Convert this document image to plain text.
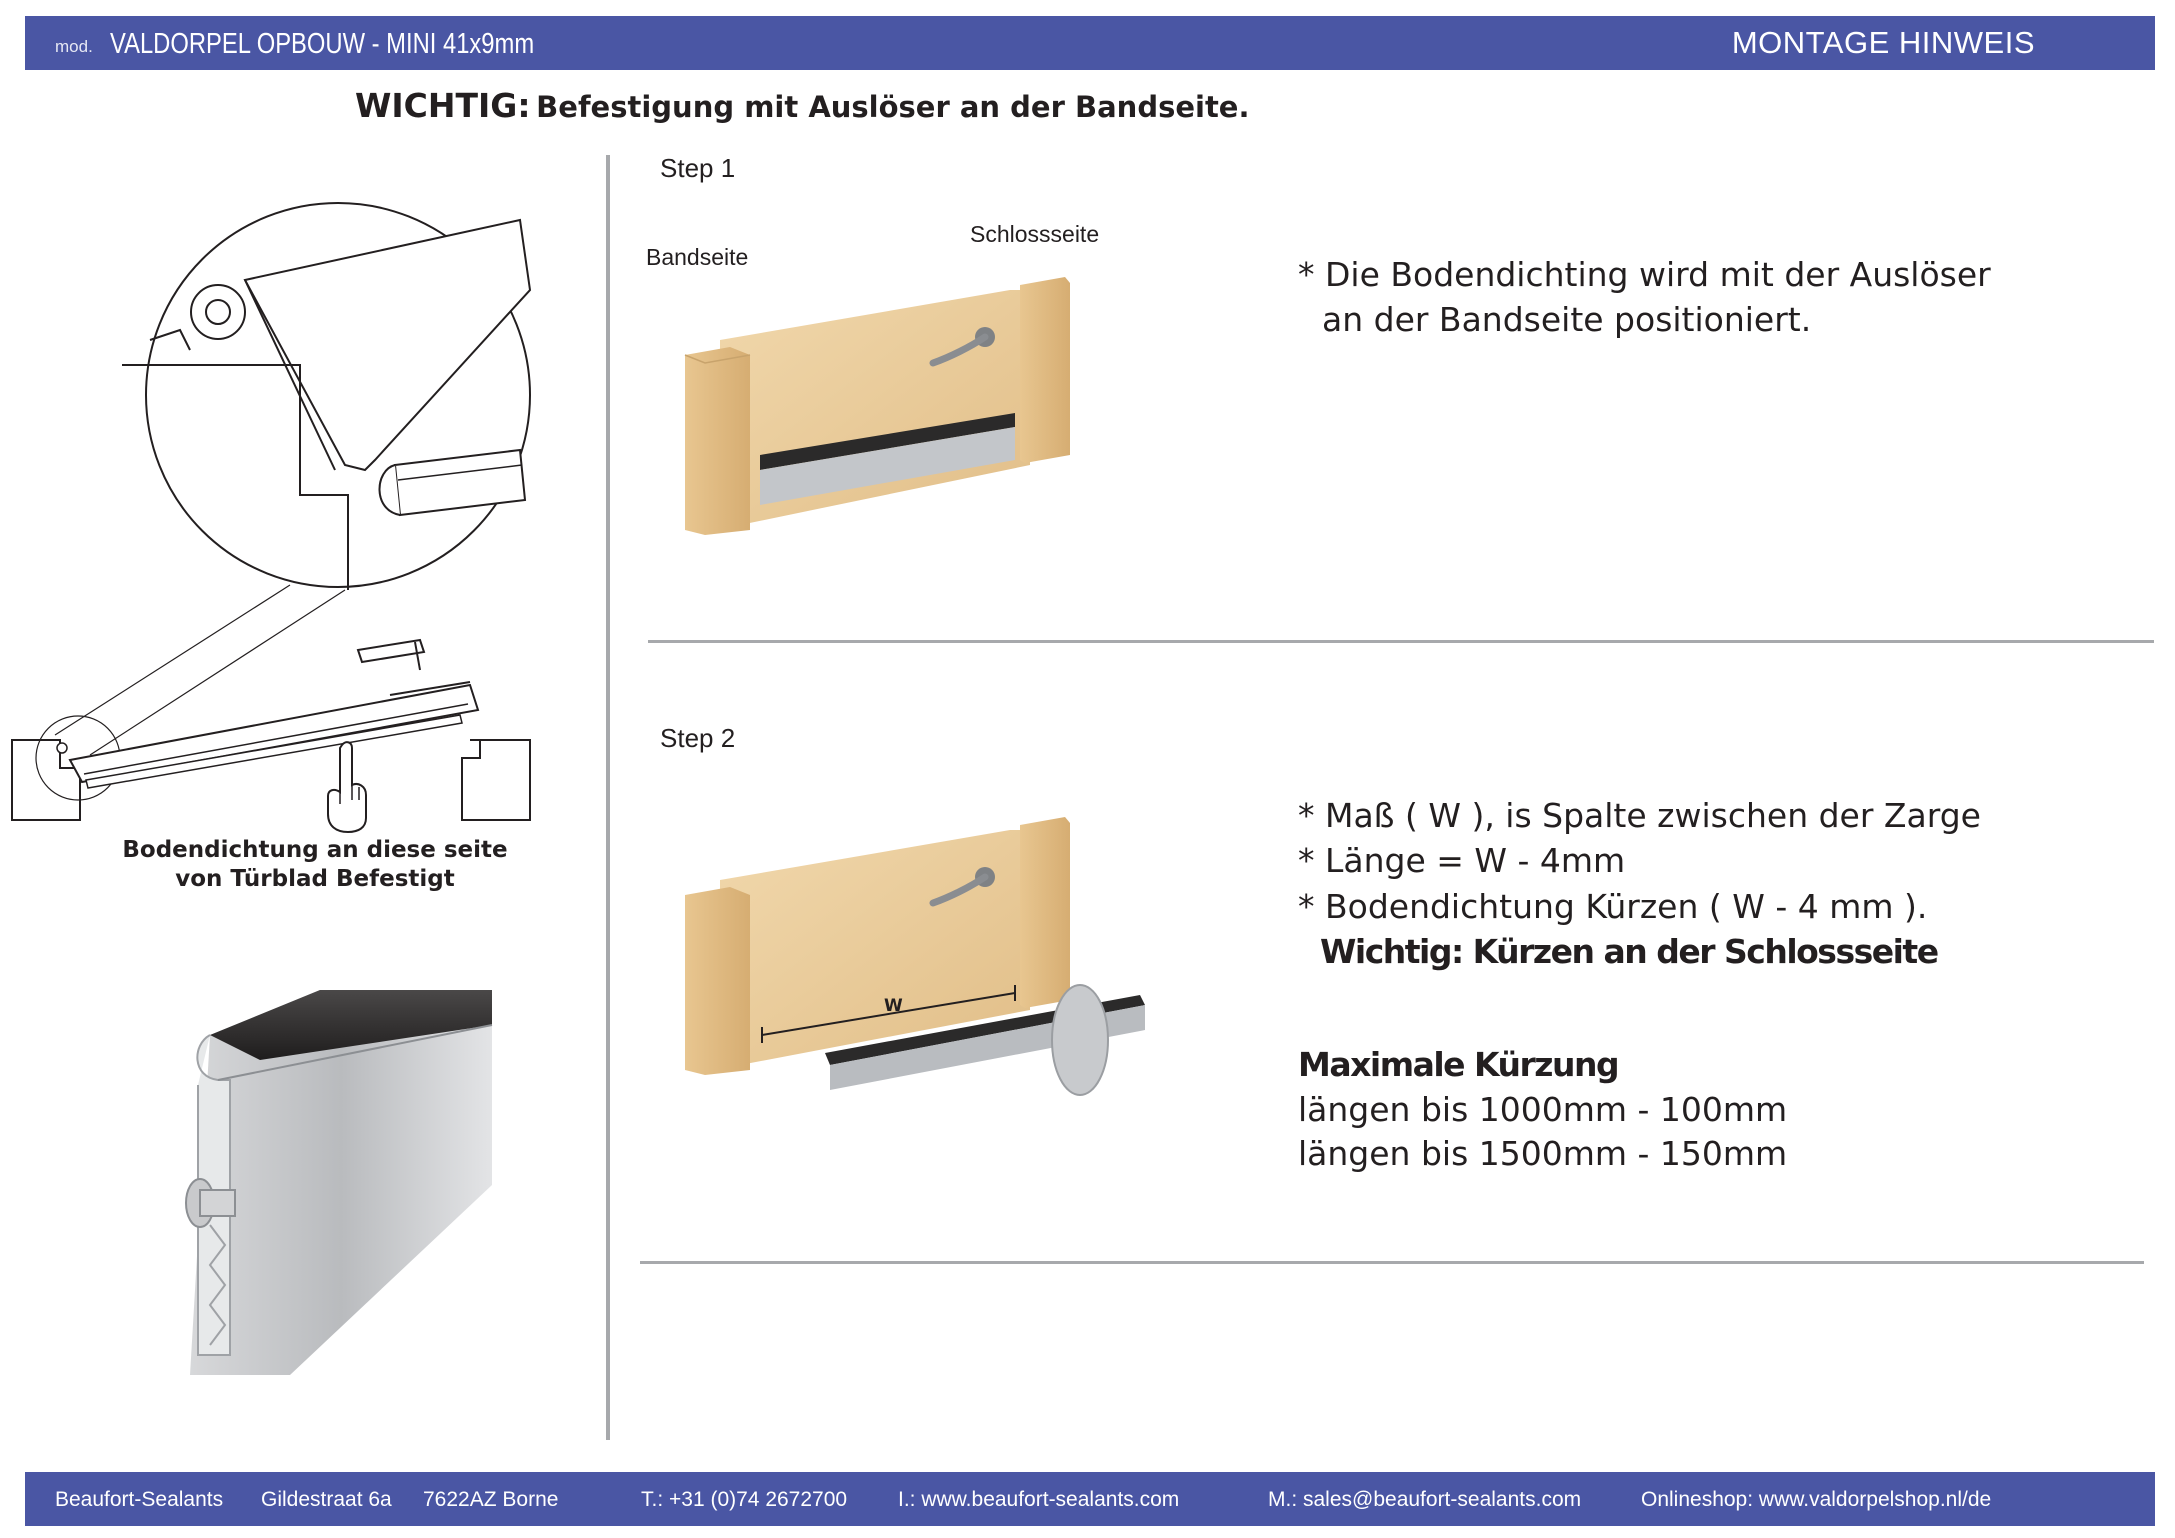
mod. VALDORPEL OPBOUW - MINI 41x9mm	MONTAGE HINWEIS
WICHTIG: Befestigung mit Auslöser an der Bandseite.
Bodendichtung an diese seite
von Türblad Befestigt
Step 1
Bandseite
Schlossseite
* Die Bodendichting wird mit der Auslöser
an der Bandseite positioniert.
Step 2
W
* Maß ( W ), is Spalte zwischen der Zarge
* Länge = W - 4mm
* Bodendichtung Kürzen ( W - 4 mm ).
Wichtig: Kürzen an der Schlossseite
Maximale Kürzung
längen bis 1000mm - 100mm
längen bis 1500mm - 150mm
Beaufort-Sealants Gildestraat 6a 7622AZ Borne	T.: +31 (0)74 2672700 I.: www.beaufort-sealants.com	M.: sales@beaufort-sealants.com	Onlineshop: www.valdorpelshop.nl/de
